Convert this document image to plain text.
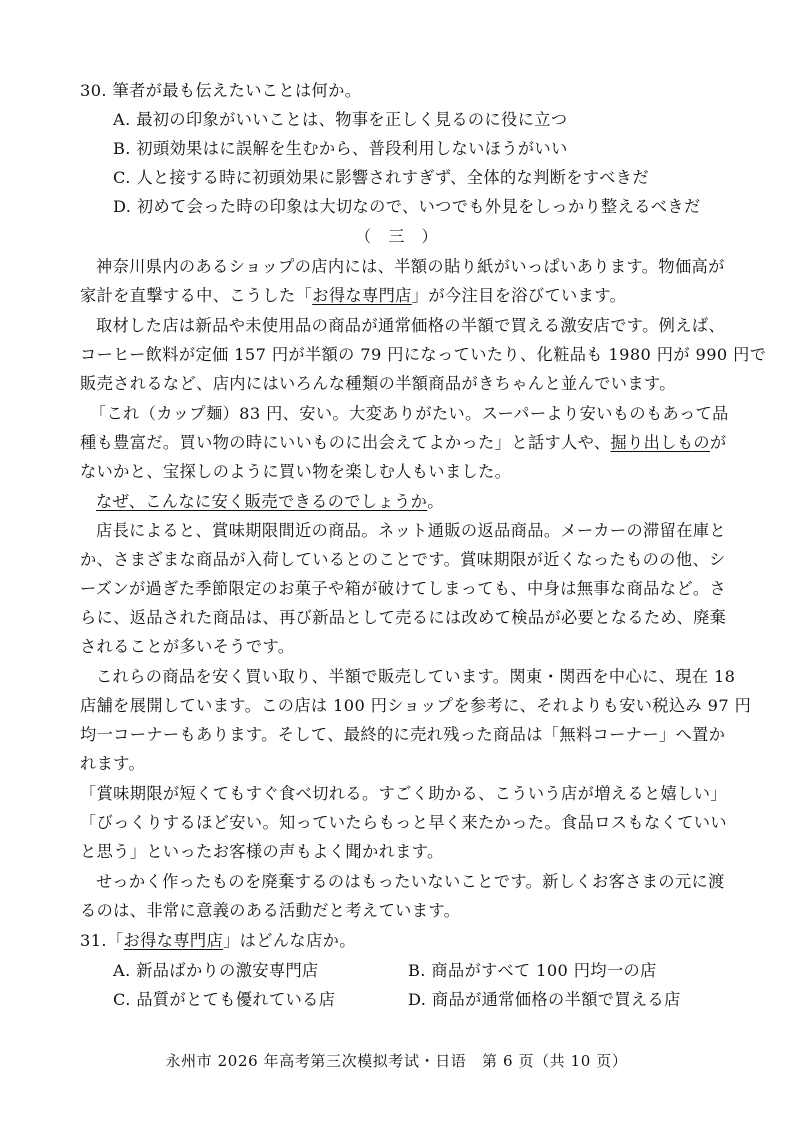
30. 筆者が最も伝えたいことは何か。
A. 最初の印象がいいことは、物事を正しく見るのに役に立つ
B. 初頭効果はに誤解を生むから、普段利用しないほうがいい
C. 人と接する時に初頭効果に影響されすぎず、全体的な判断をすべきだ
D. 初めて会った時の印象は大切なので、いつでも外見をしっかり整えるべきだ
（　三　）
神奈川県内のあるショップの店内には、半額の貼り紙がいっぱいあります。物価高が
家計を直撃する中、こうした「お得な専門店」が今注目を浴びています。
取材した店は新品や未使用品の商品が通常価格の半額で買える激安店です。例えば、
コーヒー飲料が定価 157 円が半額の 79 円になっていたり、化粧品も 1980 円が 990 円で
販売されるなど、店内にはいろんな種類の半額商品がきちゃんと並んでいます。
「これ（カップ麺）83 円、安い。大変ありがたい。スーパーより安いものもあって品
種も豊富だ。買い物の時にいいものに出会えてよかった」と話す人や、掘り出しものが
ないかと、宝探しのように買い物を楽しむ人もいました。
なぜ、こんなに安く販売できるのでしょうか。
店長によると、賞味期限間近の商品。ネット通販の返品商品。メーカーの滞留在庫と
か、さまざまな商品が入荷しているとのことです。賞味期限が近くなったものの他、シ
ーズンが過ぎた季節限定のお菓子や箱が破けてしまっても、中身は無事な商品など。さ
らに、返品された商品は、再び新品として売るには改めて検品が必要となるため、廃棄
されることが多いそうです。
これらの商品を安く買い取り、半額で販売しています。関東・関西を中心に、現在 18
店舗を展開しています。この店は 100 円ショップを参考に、それよりも安い税込み 97 円
均一コーナーもあります。そして、最終的に売れ残った商品は「無料コーナー」へ置か
れます。
「賞味期限が短くてもすぐ食べ切れる。すごく助かる、こういう店が増えると嬉しい」
「びっくりするほど安い。知っていたらもっと早く来たかった。食品ロスもなくていい
と思う」といったお客様の声もよく聞かれます。
せっかく作ったものを廃棄するのはもったいないことです。新しくお客さまの元に渡
るのは、非常に意義のある活動だと考えています。
31.「お得な専門店」はどんな店か。
A. 新品ばかりの激安専門店	B. 商品がすべて 100 円均一の店
C. 品質がとても優れている店	D. 商品が通常価格の半額で買える店
永州市 2026 年高考第三次模拟考试・日语　第 6 页（共 10 页）
